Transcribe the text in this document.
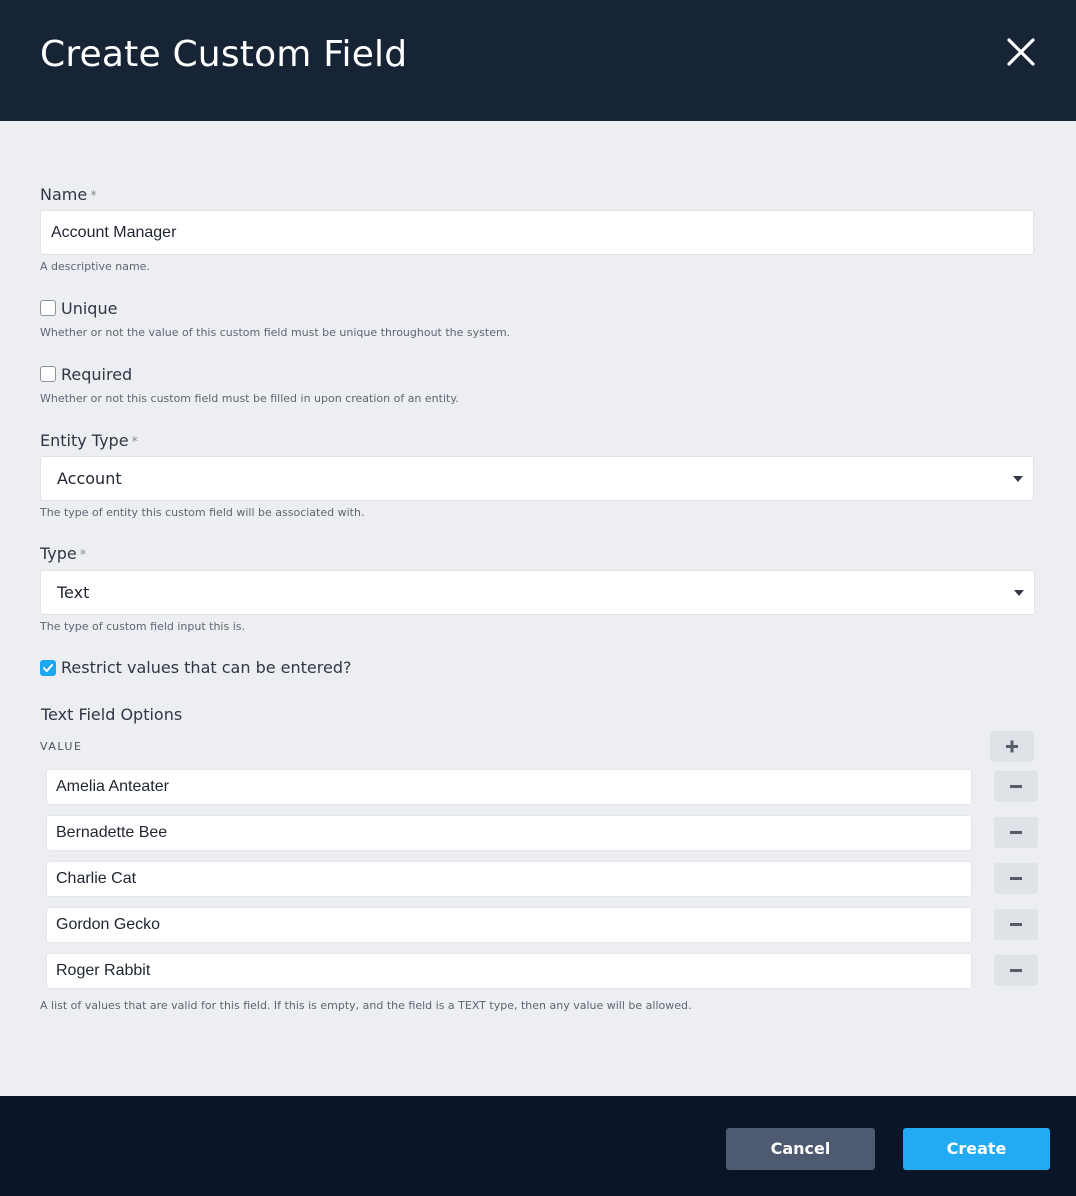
Create Custom Field
Name *
Account Manager
A descriptive name.
Unique
Whether or not the value of this custom field must be unique throughout the system.
Required
Whether or not this custom field must be filled in upon creation of an entity.
Entity Type *
Account
The type of entity this custom field will be associated with.
Type *
Text
The type of custom field input this is.
Restrict values that can be entered?
Text Field Options
VALUE
Amelia Anteater
Bernadette Bee
Charlie Cat
Gordon Gecko
Roger Rabbit
A list of values that are valid for this field. If this is empty, and the field is a TEXT type, then any value will be allowed.
Cancel	Create
